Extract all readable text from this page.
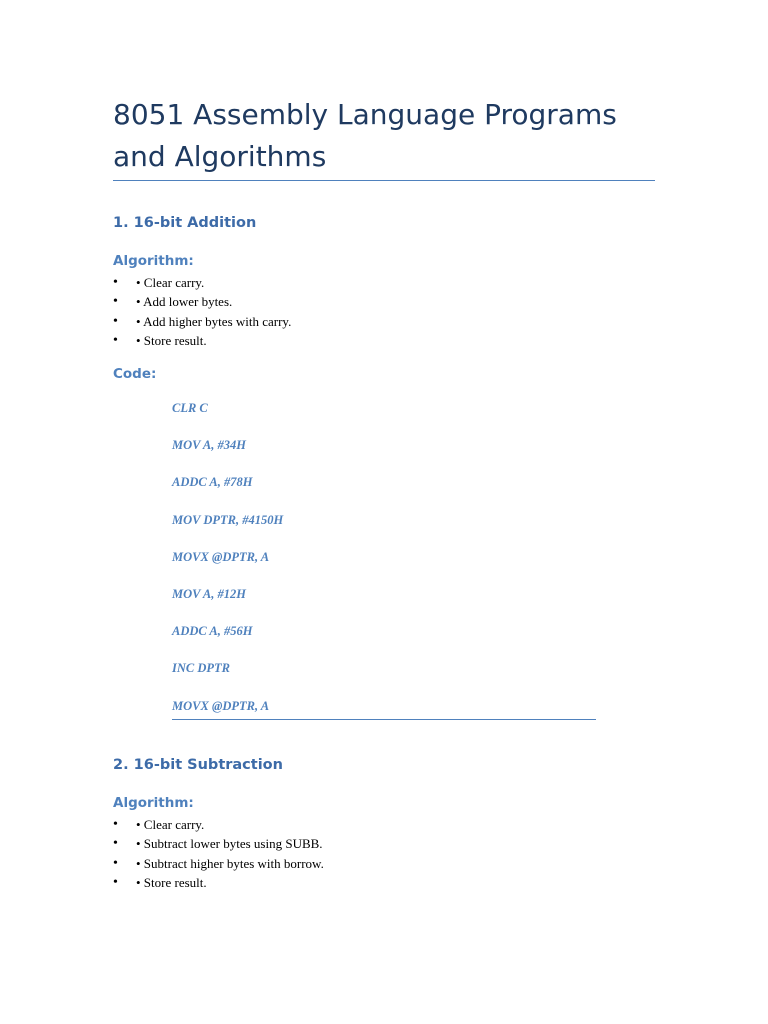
8051 Assembly Language Programs and Algorithms
1. 16-bit Addition
Algorithm:
• • Clear carry.
• • Add lower bytes.
• • Add higher bytes with carry.
• • Store result.
Code:
CLR C
MOV A, #34H
ADDC A, #78H
MOV DPTR, #4150H
MOVX @DPTR, A
MOV A, #12H
ADDC A, #56H
INC DPTR
MOVX @DPTR, A
2. 16-bit Subtraction
Algorithm:
• • Clear carry.
• • Subtract lower bytes using SUBB.
• • Subtract higher bytes with borrow.
• • Store result.
